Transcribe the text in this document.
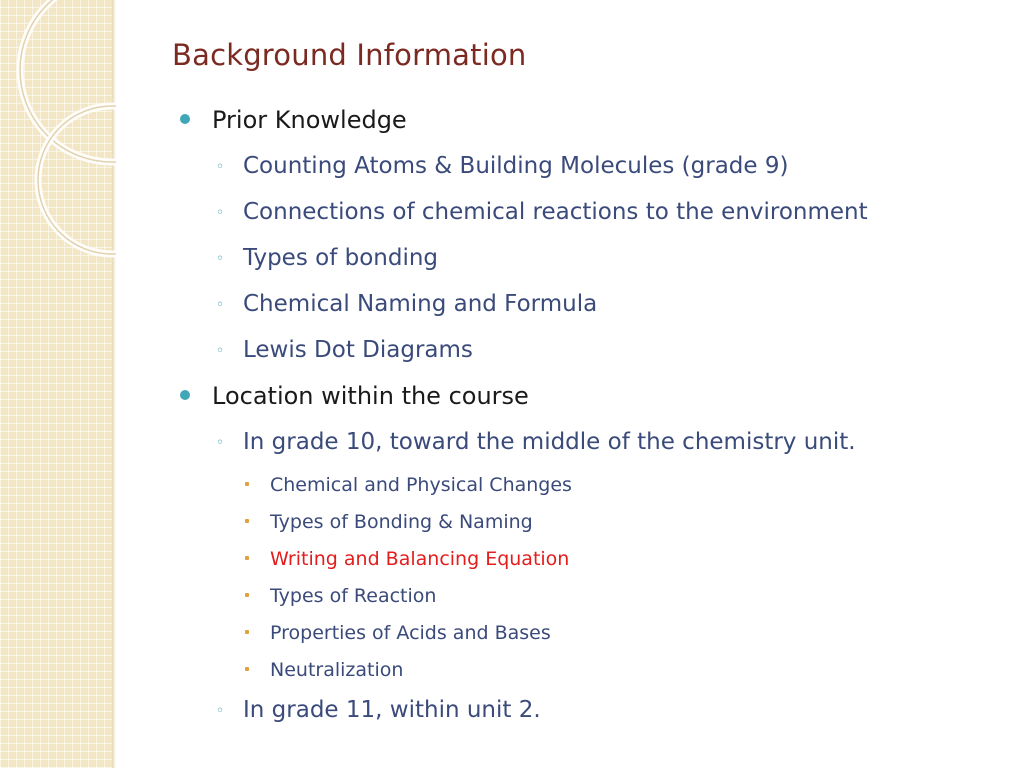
Background Information
Prior Knowledge
◦ Counting Atoms & Building Molecules (grade 9)
◦ Connections of chemical reactions to the environment
◦ Types of bonding
◦ Chemical Naming and Formula
◦ Lewis Dot Diagrams
Location within the course
◦ In grade 10, toward the middle of the chemistry unit.
Chemical and Physical Changes
Types of Bonding & Naming
Writing and Balancing Equation
Types of Reaction
Properties of Acids and Bases
Neutralization
◦ In grade 11, within unit 2.
